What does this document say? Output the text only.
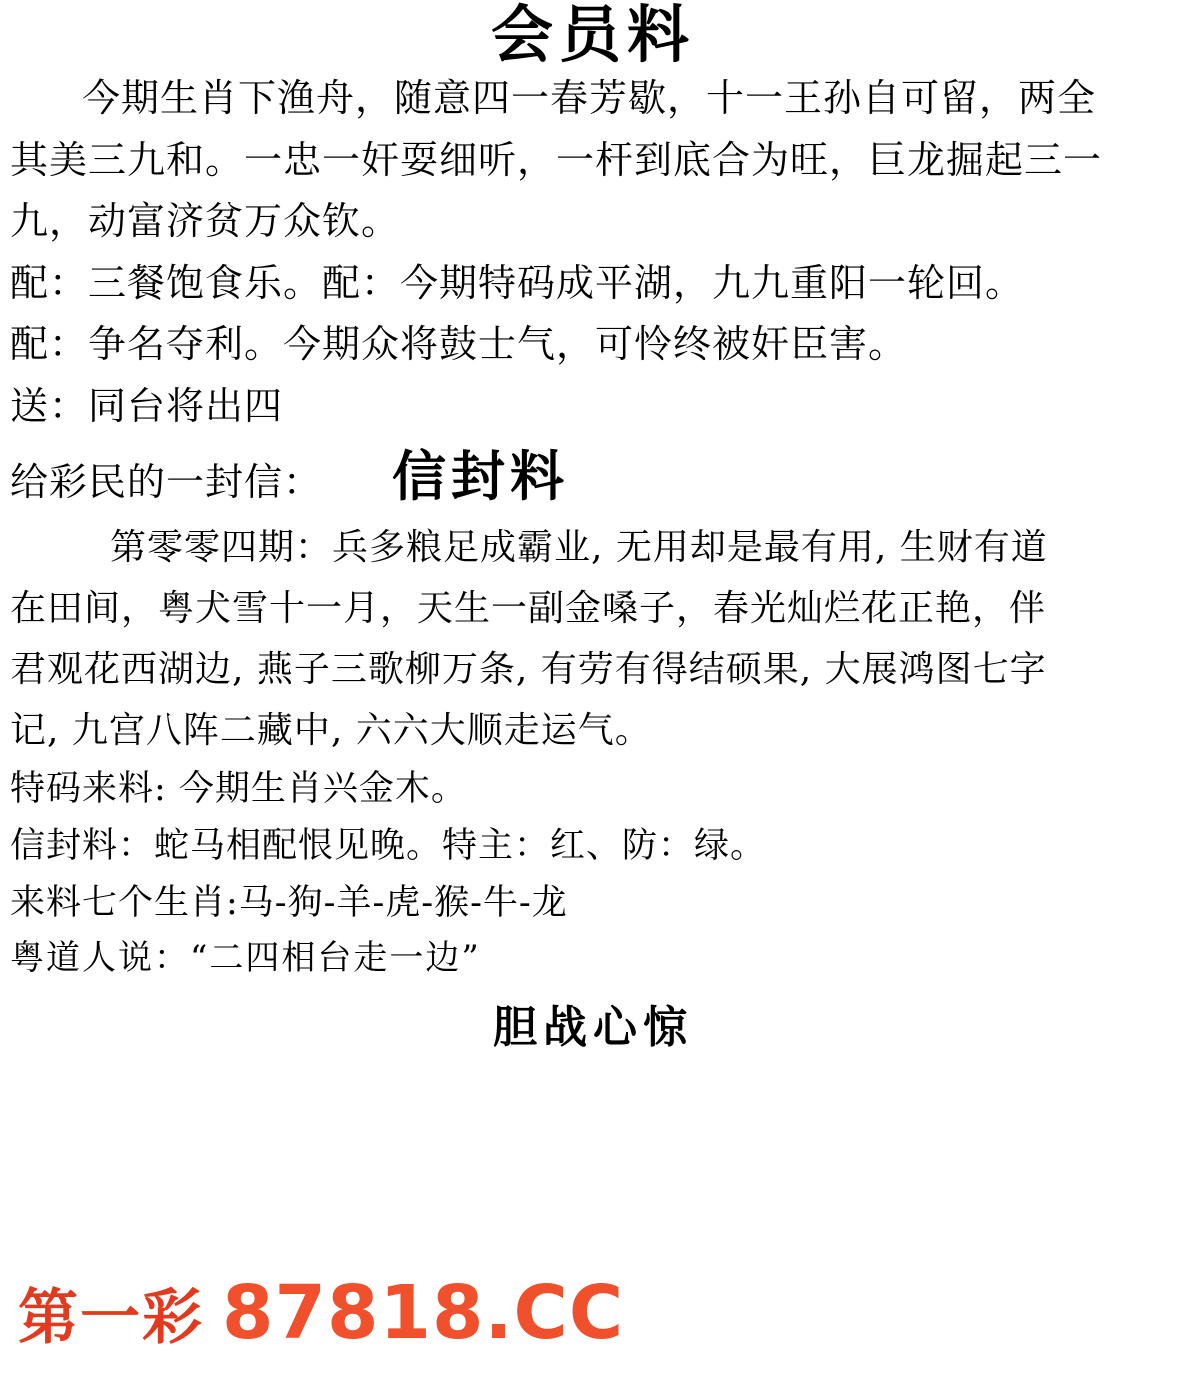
会员料
今期生肖下渔舟，随意四一春芳歇，十一王孙自可留，两全
其美三九和。一忠一奸耍细听，一杆到底合为旺，巨龙掘起三一
九，动富济贫万众钦。
配：三餐饱食乐。配：今期特码成平湖，九九重阳一轮回。
配：争名夺利。今期众将鼓士气，可怜终被奸臣害。
送：同台将出四
给彩民的一封信： 信封料
第零零四期：兵多粮足成霸业, 无用却是最有用, 生财有道
在田间，粤犬雪十一月，天生一副金嗓子，春光灿烂花正艳，伴
君观花西湖边, 燕子三歌柳万条, 有劳有得结硕果, 大展鸿图七字
记, 九宫八阵二藏中, 六六大顺走运气。
特码来料: 今期生肖兴金木。
信封料：蛇马相配恨见晚。特主：红、防：绿。
来料七个生肖:马-狗-羊-虎-猴-牛-龙
粤道人说：“二四相台走一边”
胆战心惊
第一彩 87818.CC
